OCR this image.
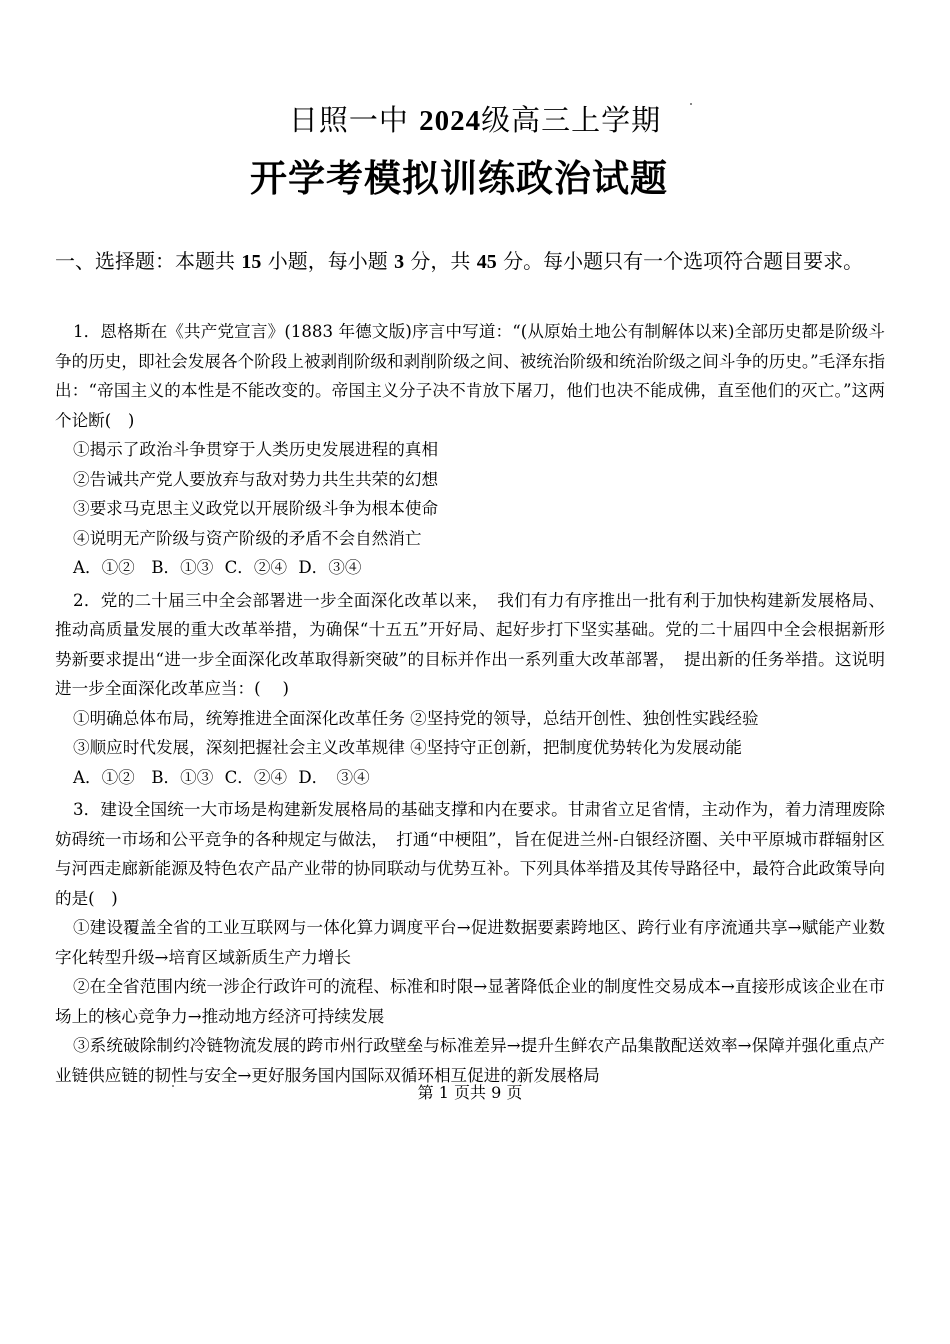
日照一中 2024级高三上学期
开学考模拟训练政治试题
一、选择题：本题共 15 小题，每小题 3 分，共 45 分。每小题只有一个选项符合题目要求。

1．恩格斯在《共产党宣言》(1883 年德文版)序言中写道：“(从原始土地公有制解体以来)全部历史都是阶级斗争的历史，即社会发展各个阶段上被剥削阶级和剥削阶级之间、被统治阶级和统治阶级之间斗争的历史。”毛泽东指出：“帝国主义的本性是不能改变的。帝国主义分子决不肯放下屠刀，他们也决不能成佛，直至他们的灭亡。”这两个论断(　)

①揭示了政治斗争贯穿于人类历史发展进程的真相

②告诫共产党人要放弃与敌对势力共生共荣的幻想

③要求马克思主义政党以开展阶级斗争为根本使命

④说明无产阶级与资产阶级的矛盾不会自然消亡

A．①②　B．①③ C．②④ D．③④

2．党的二十届三中全会部署进一步全面深化改革以来，　我们有力有序推出一批有利于加快构建新发展格局、推动高质量发展的重大改革举措，为确保“十五五”开好局、起好步打下坚实基础。党的二十届四中全会根据新形势新要求提出“进一步全面深化改革取得新突破”的目标并作出一系列重大改革部署，　提出新的任务举措。这说明进一步全面深化改革应当：(　 )

①明确总体布局，统筹推进全面深化改革任务 ②坚持党的领导，总结开创性、独创性实践经验

③顺应时代发展，深刻把握社会主义改革规律 ④坚持守正创新，把制度优势转化为发展动能

A．①②　B．①③ C．②④ D．　③④

3．建设全国统一大市场是构建新发展格局的基础支撑和内在要求。甘肃省立足省情，主动作为，着力清理废除妨碍统一市场和公平竞争的各种规定与做法，　打通“中梗阻”，旨在促进兰州-白银经济圈、关中平原城市群辐射区与河西走廊新能源及特色农产品产业带的协同联动与优势互补。下列具体举措及其传导路径中，最符合此政策导向的是(　)

①建设覆盖全省的工业互联网与一体化算力调度平台→促进数据要素跨地区、跨行业有序流通共享→赋能产业数字化转型升级→培育区域新质生产力增长

②在全省范围内统一涉企行政许可的流程、标准和时限→显著降低企业的制度性交易成本→直接形成该企业在市场上的核心竞争力→推动地方经济可持续发展

③系统破除制约冷链物流发展的跨市州行政壁垒与标准差异→提升生鲜农产品集散配送效率→保障并强化重点产业链供应链的韧性与安全→更好服务国内国际双循环相互促进的新发展格局

第 1 页共 9 页
